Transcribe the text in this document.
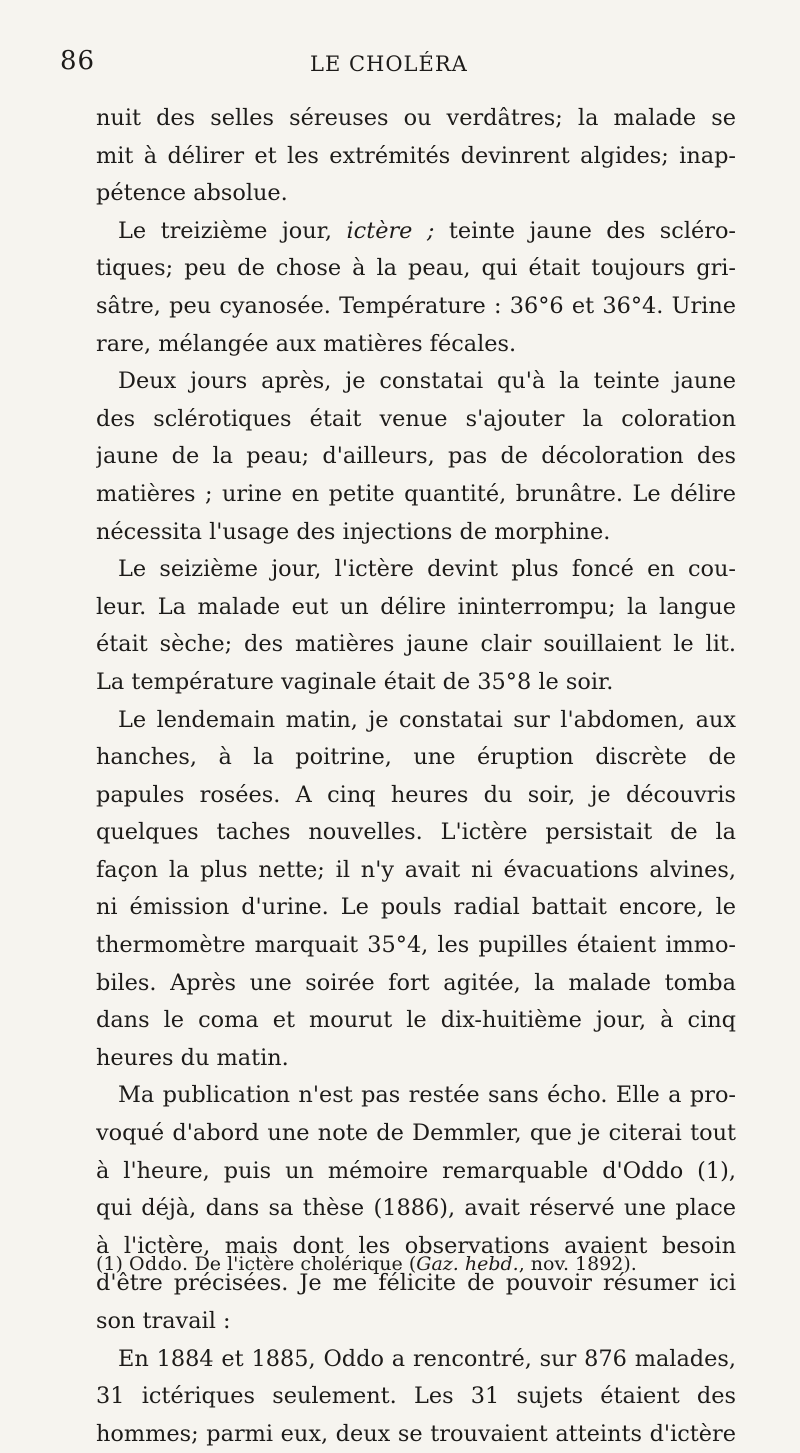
86	LE CHOLÉRA
nuit des selles séreuses ou verdâtres; la malade se
mit à délirer et les extrémités devinrent algides; inap-
pétence absolue.
Le treizième jour, ictère ; teinte jaune des scléro-
tiques; peu de chose à la peau, qui était toujours gri-
sâtre, peu cyanosée. Température : 36°6 et 36°4. Urine
rare, mélangée aux matières fécales.
Deux jours après, je constatai qu'à la teinte jaune
des sclérotiques était venue s'ajouter la coloration
jaune de la peau; d'ailleurs, pas de décoloration des
matières ; urine en petite quantité, brunâtre. Le délire
nécessita l'usage des injections de morphine.
Le seizième jour, l'ictère devint plus foncé en cou-
leur. La malade eut un délire ininterrompu; la langue
était sèche; des matières jaune clair souillaient le lit.
La température vaginale était de 35°8 le soir.
Le lendemain matin, je constatai sur l'abdomen, aux
hanches, à la poitrine, une éruption discrète de
papules rosées. A cinq heures du soir, je découvris
quelques taches nouvelles. L'ictère persistait de la
façon la plus nette; il n'y avait ni évacuations alvines,
ni émission d'urine. Le pouls radial battait encore, le
thermomètre marquait 35°4, les pupilles étaient immo-
biles. Après une soirée fort agitée, la malade tomba
dans le coma et mourut le dix-huitième jour, à cinq
heures du matin.
Ma publication n'est pas restée sans écho. Elle a pro-
voqué d'abord une note de Demmler, que je citerai tout
à l'heure, puis un mémoire remarquable d'Oddo (1),
qui déjà, dans sa thèse (1886), avait réservé une place
à l'ictère, mais dont les observations avaient besoin
d'être précisées. Je me félicite de pouvoir résumer ici
son travail :
En 1884 et 1885, Oddo a rencontré, sur 876 malades,
31 ictériques seulement. Les 31 sujets étaient des
hommes; parmi eux, deux se trouvaient atteints d'ictère
(1) Oddo. De l'ictère cholérique (Gaz. hebd., nov. 1892).
